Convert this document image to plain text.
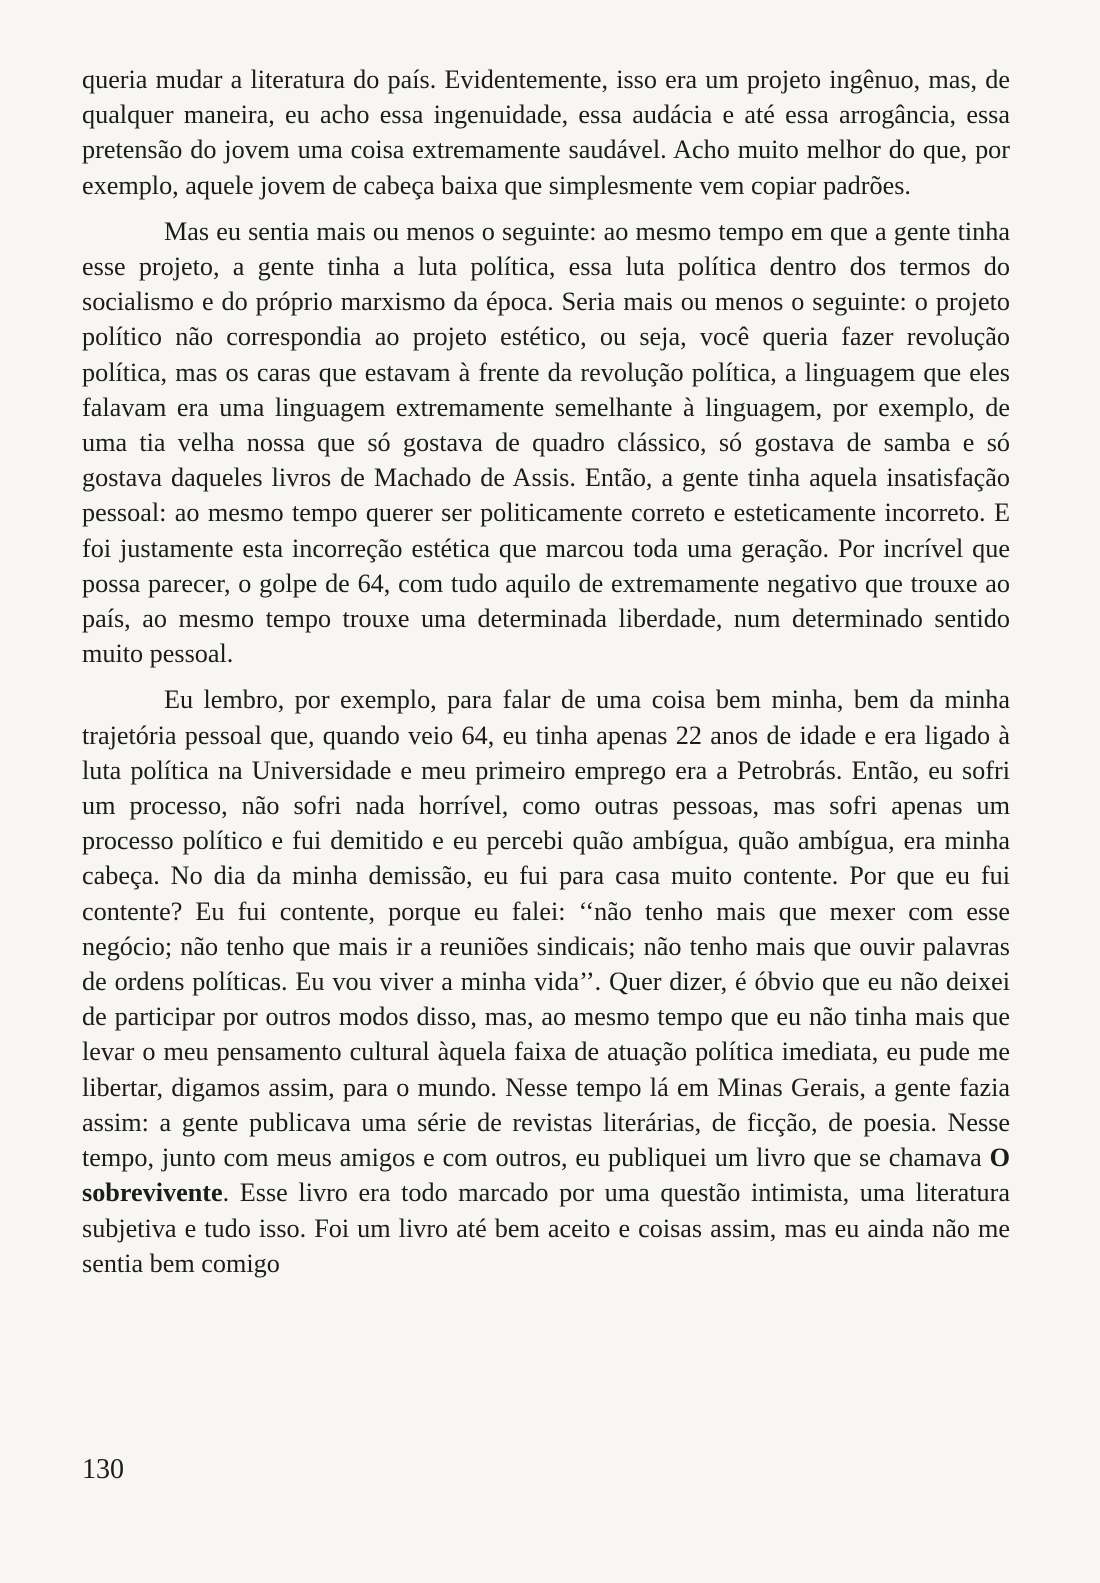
queria mudar a literatura do país. Evidentemente, isso era um projeto ingênuo, mas, de qualquer maneira, eu acho essa ingenuidade, essa audácia e até essa arrogância, essa pretensão do jovem uma coisa extremamente saudável. Acho muito melhor do que, por exemplo, aquele jovem de cabeça baixa que simplesmente vem copiar padrões.

Mas eu sentia mais ou menos o seguinte: ao mesmo tempo em que a gente tinha esse projeto, a gente tinha a luta política, essa luta política dentro dos termos do socialismo e do próprio marxismo da época. Seria mais ou menos o seguinte: o projeto político não correspondia ao projeto estético, ou seja, você queria fazer revolução política, mas os caras que estavam à frente da revolução política, a linguagem que eles falavam era uma linguagem extremamente semelhante à linguagem, por exemplo, de uma tia velha nossa que só gostava de quadro clássico, só gostava de samba e só gostava daqueles livros de Machado de Assis. Então, a gente tinha aquela insatisfação pessoal: ao mesmo tempo querer ser politicamente correto e esteticamente incorreto. E foi justamente esta incorreção estética que marcou toda uma geração. Por incrível que possa parecer, o golpe de 64, com tudo aquilo de extremamente negativo que trouxe ao país, ao mesmo tempo trouxe uma determinada liberdade, num determinado sentido muito pessoal.

Eu lembro, por exemplo, para falar de uma coisa bem minha, bem da minha trajetória pessoal que, quando veio 64, eu tinha apenas 22 anos de idade e era ligado à luta política na Universidade e meu primeiro emprego era a Petrobrás. Então, eu sofri um processo, não sofri nada horrível, como outras pessoas, mas sofri apenas um processo político e fui demitido e eu percebi quão ambígua, quão ambígua, era minha cabeça. No dia da minha demissão, eu fui para casa muito contente. Por que eu fui contente? Eu fui contente, porque eu falei: ‘‘não tenho mais que mexer com esse negócio; não tenho que mais ir a reuniões sindicais; não tenho mais que ouvir palavras de ordens políticas. Eu vou viver a minha vida’’. Quer dizer, é óbvio que eu não deixei de participar por outros modos disso, mas, ao mesmo tempo que eu não tinha mais que levar o meu pensamento cultural àquela faixa de atuação política imediata, eu pude me libertar, digamos assim, para o mundo. Nesse tempo lá em Minas Gerais, a gente fazia assim: a gente publicava uma série de revistas literárias, de ficção, de poesia. Nesse tempo, junto com meus amigos e com outros, eu publiquei um livro que se chamava O sobrevivente. Esse livro era todo marcado por uma questão intimista, uma literatura subjetiva e tudo isso. Foi um livro até bem aceito e coisas assim, mas eu ainda não me sentia bem comigo

130
